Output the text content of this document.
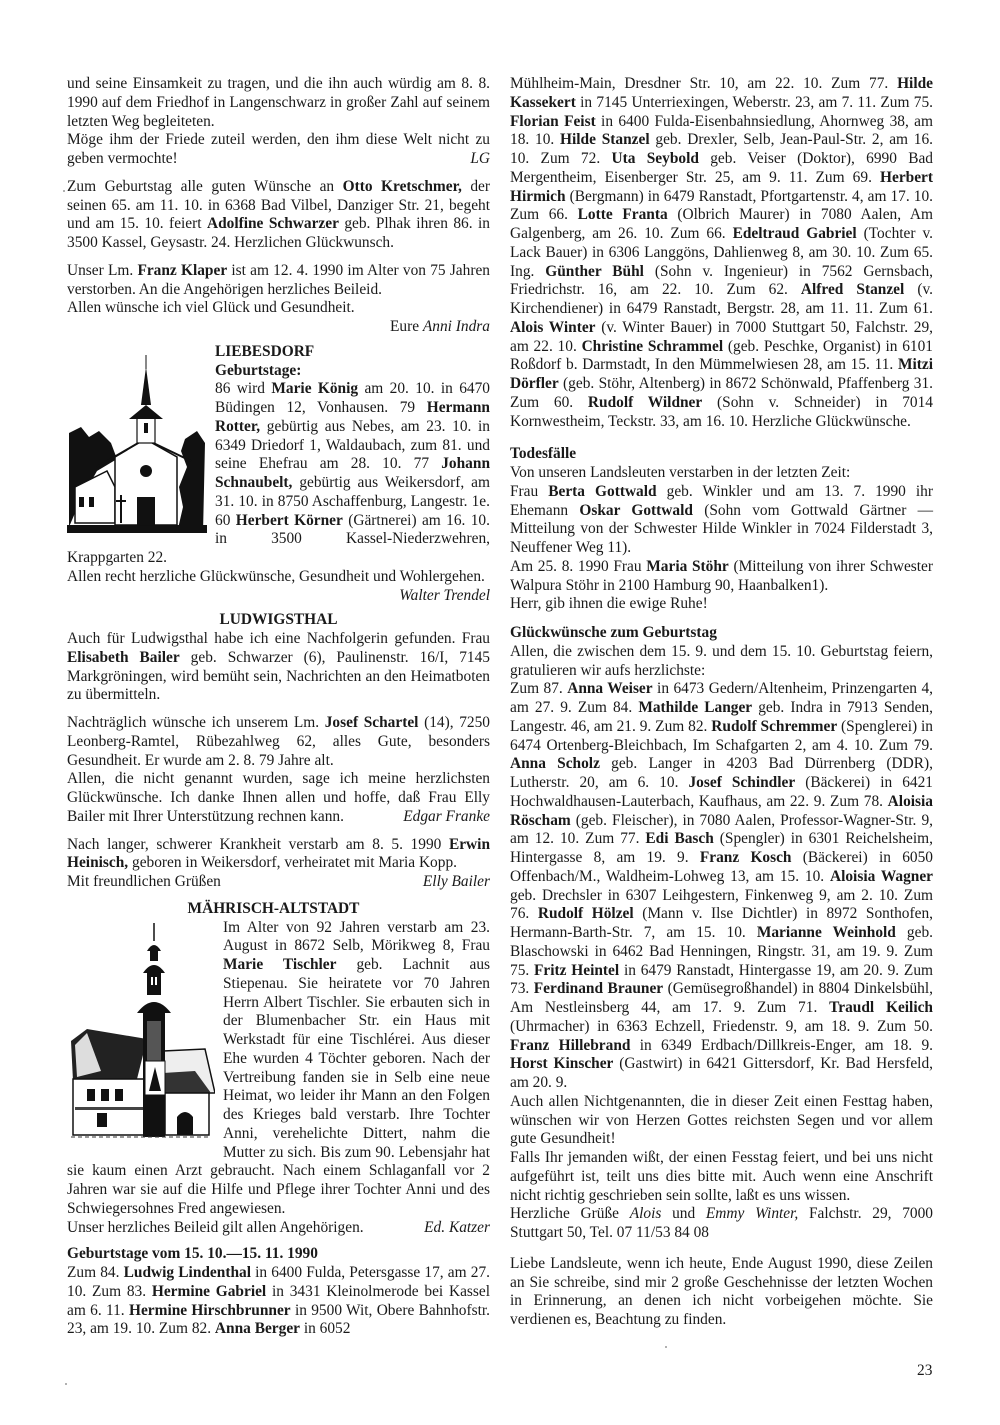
und seine Einsamkeit zu tragen, und die ihn auch würdig am 8. 8. 1990 auf dem Friedhof in Langenschwarz in großer Zahl auf seinem letzten Weg begleiteten.

Möge ihm der Friede zuteil werden, den ihm diese Welt nicht zu geben vermochte!	LG

Zum Geburtstag alle guten Wünsche an Otto Kretschmer, der seinen 65. am 11. 10. in 6368 Bad Vilbel, Danziger Str. 21, begeht und am 15. 10. feiert Adolfine Schwarzer geb. Plhak ihren 86. in 3500 Kassel, Geysastr. 24. Herzlichen Glückwunsch.

Unser Lm. Franz Klaper ist am 12. 4. 1990 im Alter von 75 Jahren verstorben. An die Angehörigen herzliches Beileid.

Allen wünsche ich viel Glück und Gesundheit.

Eure Anni Indra

LIEBESDORF
Geburtstage:

86 wird Marie König am 20. 10. in 6470 Büdingen 12, Vonhausen. 79 Hermann Rotter, gebürtig aus Nebes, am 23. 10. in 6349 Driedorf 1, Waldaubach, zum 81. und seine Ehefrau am 28. 10. 77 Johann Schnaubelt, gebürtig aus Weikersdorf, am 31. 10. in 8750 Aschaffenburg, Langestr. 1e. 60 Herbert Körner (Gärtnerei) am 16. 10. in 3500 Kassel-Niederzwehren, Krappgarten 22.

Allen recht herzliche Glückwünsche, Gesundheit und Wohlergehen.
Walter Trendel

LUDWIGSTHAL

Auch für Ludwigsthal habe ich eine Nachfolgerin gefunden. Frau Elisabeth Bailer geb. Schwarzer (6), Paulinenstr. 16/I, 7145 Markgröningen, wird bemüht sein, Nachrichten an den Heimatboten zu übermitteln.

Nachträglich wünsche ich unserem Lm. Josef Schartel (14), 7250 Leonberg-Ramtel, Rübezahlweg 62, alles Gute, besonders Gesundheit. Er wurde am 2. 8. 79 Jahre alt.

Allen, die nicht genannt wurden, sage ich meine herzlichsten Glückwünsche. Ich danke Ihnen allen und hoffe, daß Frau Elly Bailer mit Ihrer Unterstützung rechnen kann.	Edgar Franke

Nach langer, schwerer Krankheit verstarb am 8. 5. 1990 Erwin Heinisch, geboren in Weikersdorf, verheiratet mit Maria Kopp.

Mit freundlichen Grüßen	Elly Bailer

MÄHRISCH-ALTSTADT

Im Alter von 92 Jahren verstarb am 23. August in 8672 Selb, Mörikweg 8, Frau Marie Tischler geb. Lachnit aus Stiepenau. Sie heiratete vor 70 Jahren Herrn Albert Tischler. Sie erbauten sich in der Blumenbacher Str. ein Haus mit Werkstadt für eine Tischlérei. Aus dieser Ehe wurden 4 Töchter geboren. Nach der Vertreibung fanden sie in Selb eine neue Heimat, wo leider ihr Mann an den Folgen des Krieges bald verstarb. Ihre Tochter Anni, verehelichte Dittert, nahm die Mutter zu sich. Bis zum 90. Lebensjahr hat sie kaum einen Arzt gebraucht. Nach einem Schlaganfall vor 2 Jahren war sie auf die Hilfe und Pflege ihrer Tochter Anni und des Schwiegersohnes Fred angewiesen.

Unser herzliches Beileid gilt allen Angehörigen.	Ed. Katzer

Geburtstage vom 15. 10.—15. 11. 1990

Zum 84. Ludwig Lindenthal in 6400 Fulda, Petersgasse 17, am 27. 10. Zum 83. Hermine Gabriel in 3431 Kleinolmerode bei Kassel am 6. 11. Hermine Hirschbrunner in 9500 Wit, Obere Bahnhofstr. 23, am 19. 10. Zum 82. Anna Berger in 6052

Mühlheim-Main, Dresdner Str. 10, am 22. 10. Zum 77. Hilde Kassekert in 7145 Unterriexingen, Weberstr. 23, am 7. 11. Zum 75. Florian Feist in 6400 Fulda-Eisenbahnsiedlung, Ahornweg 38, am 18. 10. Hilde Stanzel geb. Drexler, Selb, Jean-Paul-Str. 2, am 16. 10. Zum 72. Uta Seybold geb. Veiser (Doktor), 6990 Bad Mergentheim, Eisenberger Str. 25, am 9. 11. Zum 69. Herbert Hirmich (Bergmann) in 6479 Ranstadt, Pfortgartenstr. 4, am 17. 10. Zum 66. Lotte Franta (Olbrich Maurer) in 7080 Aalen, Am Galgenberg, am 26. 10. Zum 66. Edeltraud Gabriel (Tochter v. Lack Bauer) in 6306 Langgöns, Dahlienweg 8, am 30. 10. Zum 65. Ing. Günther Bühl (Sohn v. Ingenieur) in 7562 Gernsbach, Friedrichstr. 16, am 22. 10. Zum 62. Alfred Stanzel (v. Kirchendiener) in 6479 Ranstadt, Bergstr. 28, am 11. 11. Zum 61. Alois Winter (v. Winter Bauer) in 7000 Stuttgart 50, Falchstr. 29, am 22. 10. Christine Schrammel (geb. Peschke, Organist) in 6101 Roßdorf b. Darmstadt, In den Mümmelwiesen 28, am 15. 11. Mitzi Dörfler (geb. Stöhr, Altenberg) in 8672 Schönwald, Pfaffenberg 31. Zum 60. Rudolf Wildner (Sohn v. Schneider) in 7014 Kornwestheim, Teckstr. 33, am 16. 10. Herzliche Glückwünsche.

Todesfälle

Von unseren Landsleuten verstarben in der letzten Zeit:

Frau Berta Gottwald geb. Winkler und am 13. 7. 1990 ihr Ehemann Oskar Gottwald (Sohn vom Gottwald Gärtner — Mitteilung von der Schwester Hilde Winkler in 7024 Filderstadt 3, Neuffener Weg 11).

Am 25. 8. 1990 Frau Maria Stöhr (Mitteilung von ihrer Schwester Walpura Stöhr in 2100 Hamburg 90, Haanbalken1).

Herr, gib ihnen die ewige Ruhe!

Glückwünsche zum Geburtstag

Allen, die zwischen dem 15. 9. und dem 15. 10. Geburtstag feiern, gratulieren wir aufs herzlichste:

Zum 87. Anna Weiser in 6473 Gedern/Altenheim, Prinzengarten 4, am 27. 9. Zum 84. Mathilde Langer geb. Indra in 7913 Senden, Langestr. 46, am 21. 9. Zum 82. Rudolf Schremmer (Spenglerei) in 6474 Ortenberg-Bleichbach, Im Schafgarten 2, am 4. 10. Zum 79. Anna Scholz geb. Langer in 4203 Bad Dürrenberg (DDR), Lutherstr. 20, am 6. 10. Josef Schindler (Bäckerei) in 6421 Hochwaldhausen-Lauterbach, Kaufhaus, am 22. 9. Zum 78. Aloisia Röscham (geb. Fleischer), in 7080 Aalen, Professor-Wagner-Str. 9, am 12. 10. Zum 77. Edi Basch (Spengler) in 6301 Reichelsheim, Hintergasse 8, am 19. 9. Franz Kosch (Bäckerei) in 6050 Offenbach/M., Waldheim-Lohweg 13, am 15. 10. Aloisia Wagner geb. Drechsler in 6307 Leihgestern, Finkenweg 9, am 2. 10. Zum 76. Rudolf Hölzel (Mann v. Ilse Dichtler) in 8972 Sonthofen, Hermann-Barth-Str. 7, am 15. 10. Marianne Weinhold geb. Blaschowski in 6462 Bad Henningen, Ringstr. 31, am 19. 9. Zum 75. Fritz Heintel in 6479 Ranstadt, Hintergasse 19, am 20. 9. Zum 73. Ferdinand Brauner (Gemüsegroßhandel) in 8804 Dinkelsbühl, Am Nestleinsberg 44, am 17. 9. Zum 71. Traudl Keilich (Uhrmacher) in 6363 Echzell, Friedenstr. 9, am 18. 9. Zum 50. Franz Hillebrand in 6349 Erdbach/Dillkreis-Enger, am 18. 9. Horst Kinscher (Gastwirt) in 6421 Gittersdorf, Kr. Bad Hersfeld, am 20. 9.

Auch allen Nichtgenannten, die in dieser Zeit einen Festtag haben, wünschen wir von Herzen Gottes reichsten Segen und vor allem gute Gesundheit!

Falls Ihr jemanden wißt, der einen Fesstag feiert, und bei uns nicht aufgeführt ist, teilt uns dies bitte mit. Auch wenn eine Anschrift nicht richtig geschrieben sein sollte, laßt es uns wissen.

Herzliche Grüße Alois und Emmy Winter, Falchstr. 29, 7000 Stuttgart 50, Tel. 07 11/53 84 08

Liebe Landsleute, wenn ich heute, Ende August 1990, diese Zeilen an Sie schreibe, sind mir 2 große Geschehnisse der letzten Wochen in Erinnerung, an denen ich nicht vorbeigehen möchte. Sie verdienen es, Beachtung zu finden.

23
